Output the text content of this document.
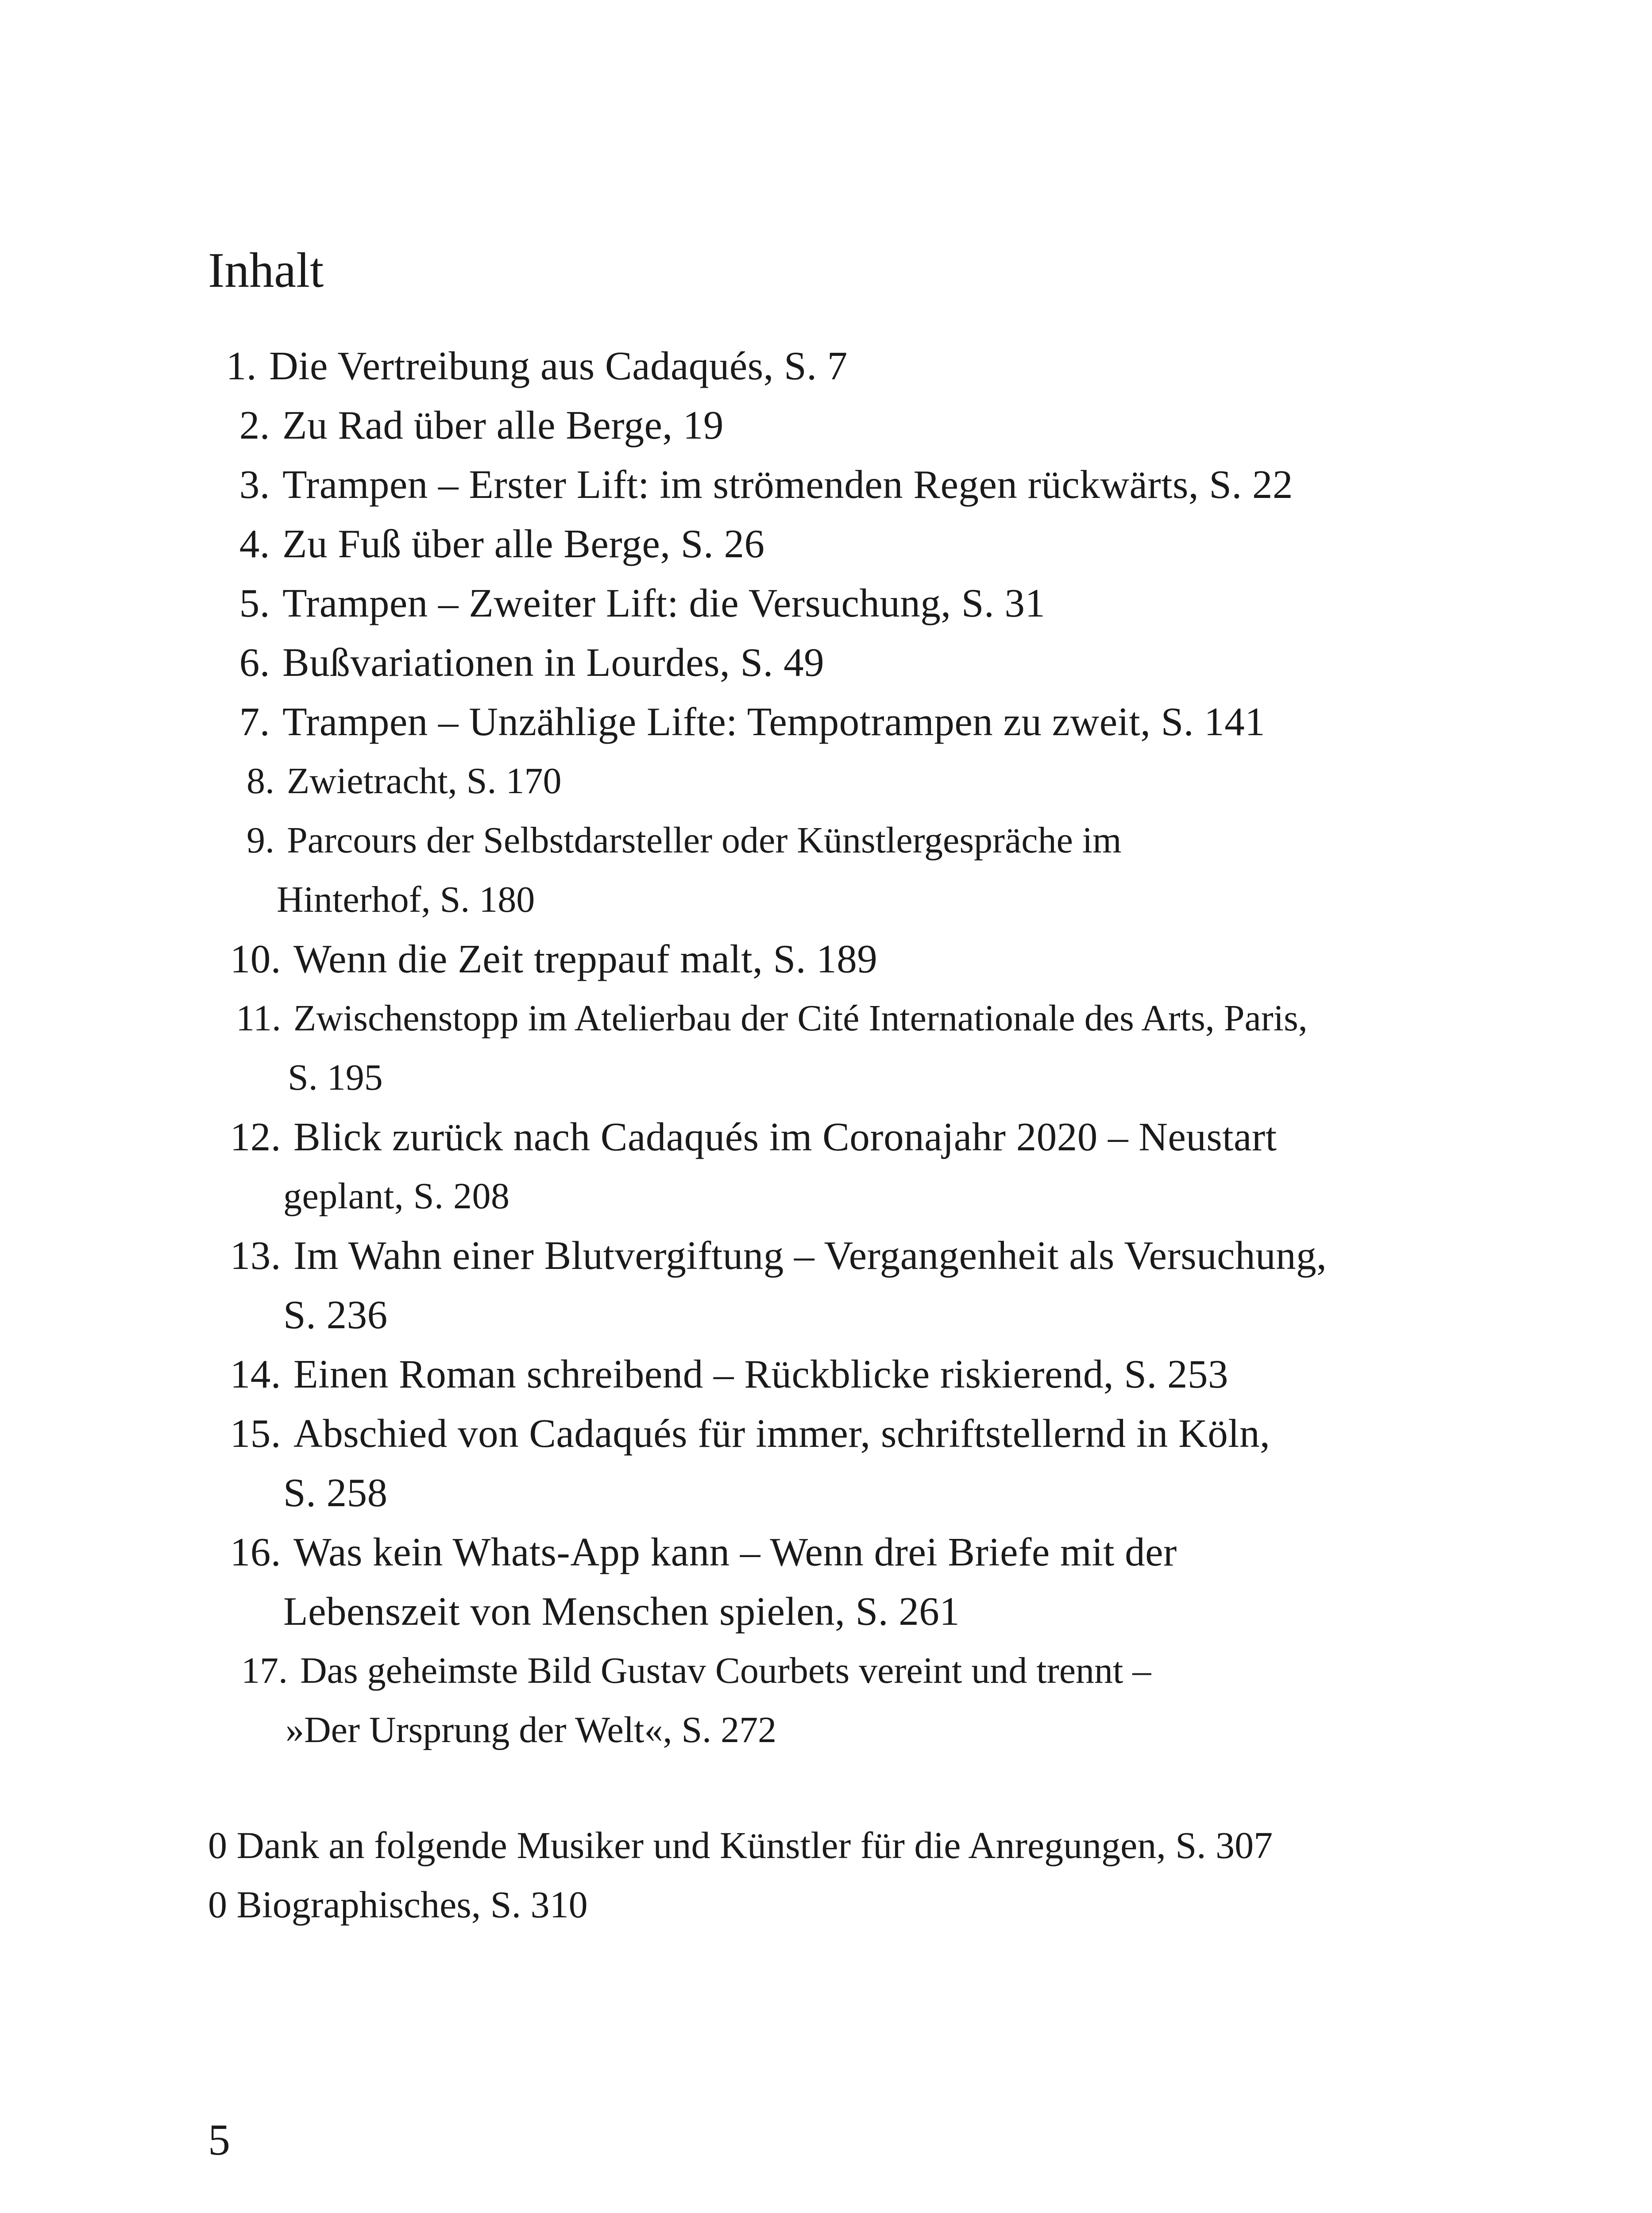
Inhalt
1. Die Vertreibung aus Cadaqués, S. 7
2. Zu Rad über alle Berge, 19
3. Trampen – Erster Lift: im strömenden Regen rückwärts, S. 22
4. Zu Fuß über alle Berge, S. 26
5. Trampen – Zweiter Lift: die Versuchung, S. 31
6. Bußvariationen in Lourdes, S. 49
7. Trampen – Unzählige Lifte: Tempotrampen zu zweit, S. 141
8. Zwietracht, S. 170
9. Parcours der Selbstdarsteller oder Künstlergespräche im
Hinterhof, S. 180
10. Wenn die Zeit treppauf malt, S. 189
11. Zwischenstopp im Atelierbau der Cité Internationale des Arts, Paris,
S. 195
12. Blick zurück nach Cadaqués im Coronajahr 2020 – Neustart
geplant, S. 208
13. Im Wahn einer Blutvergiftung – Vergangenheit als Versuchung,
S. 236
14. Einen Roman schreibend – Rückblicke riskierend, S. 253
15. Abschied von Cadaqués für immer, schriftstellernd in Köln,
S. 258
16. Was kein Whats-App kann – Wenn drei Briefe mit der
Lebenszeit von Menschen spielen, S. 261
17. Das geheimste Bild Gustav Courbets vereint und trennt –
»Der Ursprung der Welt«, S. 272
0 Dank an folgende Musiker und Künstler für die Anregungen, S. 307
0 Biographisches, S. 310
5
